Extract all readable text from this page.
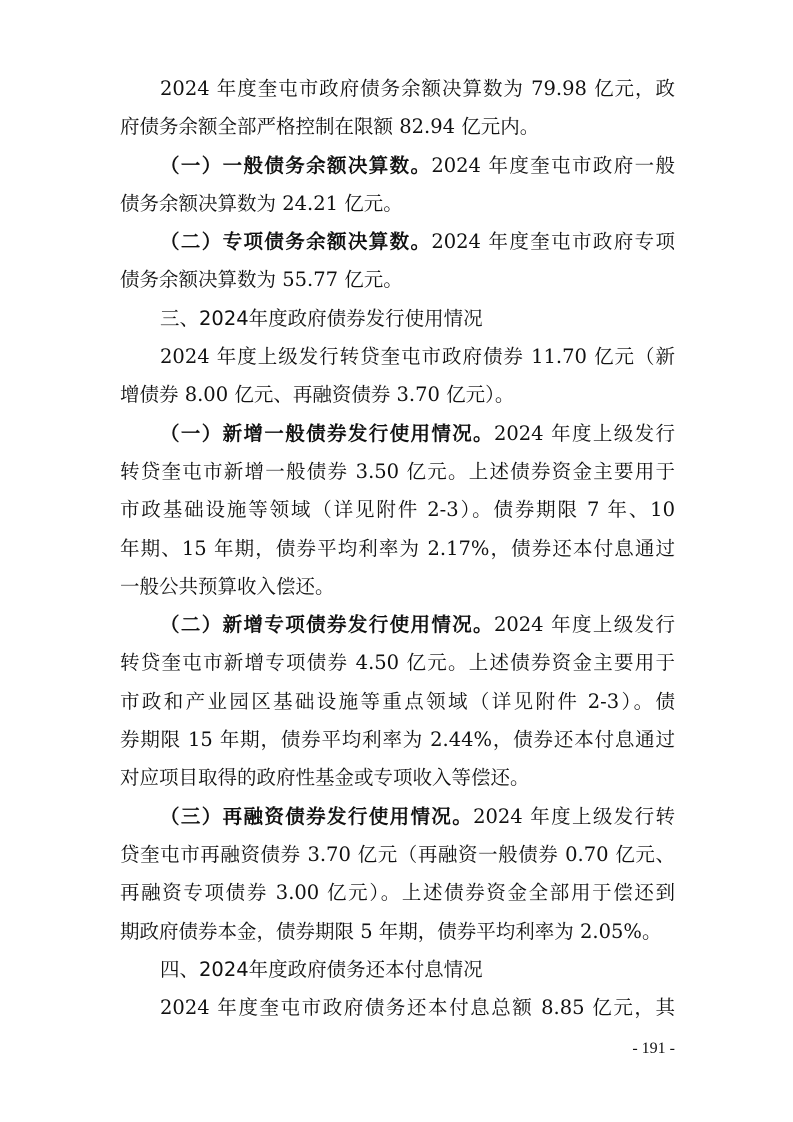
2024 年度奎屯市政府债务余额决算数为 79.98 亿元，政
府债务余额全部严格控制在限额 82.94 亿元内。
（一）一般债务余额决算数。2024 年度奎屯市政府一般
债务余额决算数为 24.21 亿元。
（二）专项债务余额决算数。2024 年度奎屯市政府专项
债务余额决算数为 55.77 亿元。
三、2024年度政府债券发行使用情况
2024 年度上级发行转贷奎屯市政府债券 11.70 亿元（新
增债券 8.00 亿元、再融资债券 3.70 亿元）。
（一）新增一般债券发行使用情况。2024 年度上级发行
转贷奎屯市新增一般债券 3.50 亿元。上述债券资金主要用于
市政基础设施等领域（详见附件 2-3）。债券期限 7 年、10
年期、15 年期，债券平均利率为 2.17%，债券还本付息通过
一般公共预算收入偿还。
（二）新增专项债券发行使用情况。2024 年度上级发行
转贷奎屯市新增专项债券 4.50 亿元。上述债券资金主要用于
市政和产业园区基础设施等重点领域（详见附件 2-3）。债
券期限 15 年期，债券平均利率为 2.44%，债券还本付息通过
对应项目取得的政府性基金或专项收入等偿还。
（三）再融资债券发行使用情况。2024 年度上级发行转
贷奎屯市再融资债券 3.70 亿元（再融资一般债券 0.70 亿元、
再融资专项债券 3.00 亿元）。上述债券资金全部用于偿还到
期政府债券本金，债券期限 5 年期，债券平均利率为 2.05%。
四、2024年度政府债务还本付息情况
2024 年度奎屯市政府债务还本付息总额 8.85 亿元，其
- 191 -
